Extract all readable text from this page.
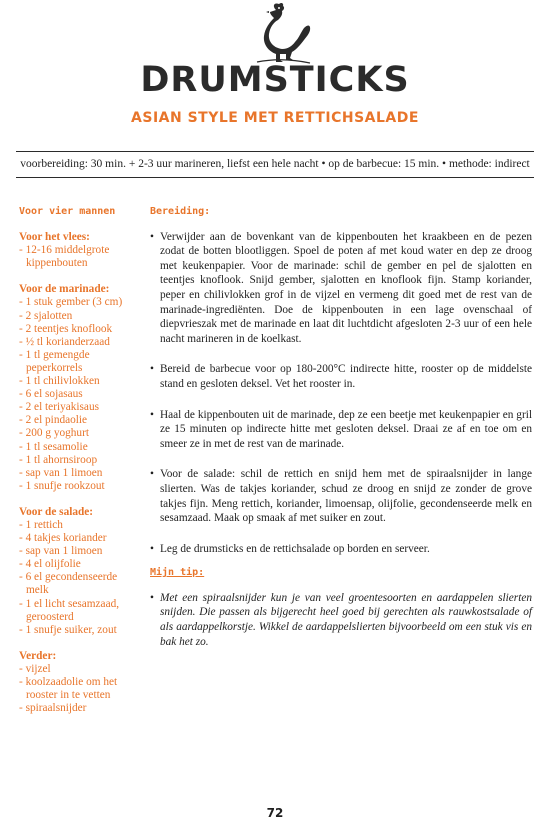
DRUMSTICKS
ASIAN STYLE MET RETTICHSALADE
voorbereiding: 30 min. + 2-3 uur marineren, liefst een hele nacht • op de barbecue: 15 min. • methode: indirect
Voor vier mannen
Voor het vlees:
- 12-16 middelgrote kippenbouten
Voor de marinade:
- 1 stuk gember (3 cm)
- 2 sjalotten
- 2 teentjes knoflook
- ½ tl korianderzaad
- 1 tl gemengde peperkorrels
- 1 tl chilivlokken
- 6 el sojasaus
- 2 el teriyakisaus
- 2 el pindaolie
- 200 g yoghurt
- 1 tl sesamolie
- 1 tl ahornsiroop
- sap van 1 limoen
- 1 snufje rookzout
Voor de salade:
- 1 rettich
- 4 takjes koriander
- sap van 1 limoen
- 4 el olijfolie
- 6 el gecondenseerde melk
- 1 el licht sesamzaad, geroosterd
- 1 snufje suiker, zout
Verder:
- vijzel
- koolzaadolie om het rooster in te vetten
- spiraalsnijder
Bereiding:
• Verwijder aan de bovenkant van de kippenbouten het kraakbeen en de pezen zodat de botten blootliggen. Spoel de poten af met koud water en dep ze droog met keukenpapier. Voor de marinade: schil de gember en pel de sjalotten en teentjes knoflook. Snijd gember, sjalotten en knoflook fijn. Stamp koriander, peper en chilivlokken grof in de vijzel en vermeng dit goed met de rest van de marinade-ingrediënten. Doe de kippenbouten in een lage ovenschaal of diepvrieszak met de marinade en laat dit luchtdicht afgesloten 2-3 uur of een hele nacht marineren in de koelkast.
• Bereid de barbecue voor op 180-200°C indirecte hitte, rooster op de middelste stand en gesloten deksel. Vet het rooster in.
• Haal de kippenbouten uit de marinade, dep ze een beetje met keukenpapier en gril ze 15 minuten op indirecte hitte met gesloten deksel. Draai ze af en toe om en smeer ze in met de rest van de marinade.
• Voor de salade: schil de rettich en snijd hem met de spiraalsnijder in lange slierten. Was de takjes koriander, schud ze droog en snijd ze zonder de grove takjes fijn. Meng rettich, koriander, limoensap, olijfolie, gecondenseerde melk en sesamzaad. Maak op smaak af met suiker en zout.
• Leg de drumsticks en de rettichsalade op borden en serveer.
Mijn tip:
• Met een spiraalsnijder kun je van veel groentesoorten en aardappelen slierten snijden. Die passen als bijgerecht heel goed bij gerechten als rauwkostsalade of als aardappelkorstje. Wikkel de aardappelslierten bijvoorbeeld om een stuk vis en bak het zo.
72
